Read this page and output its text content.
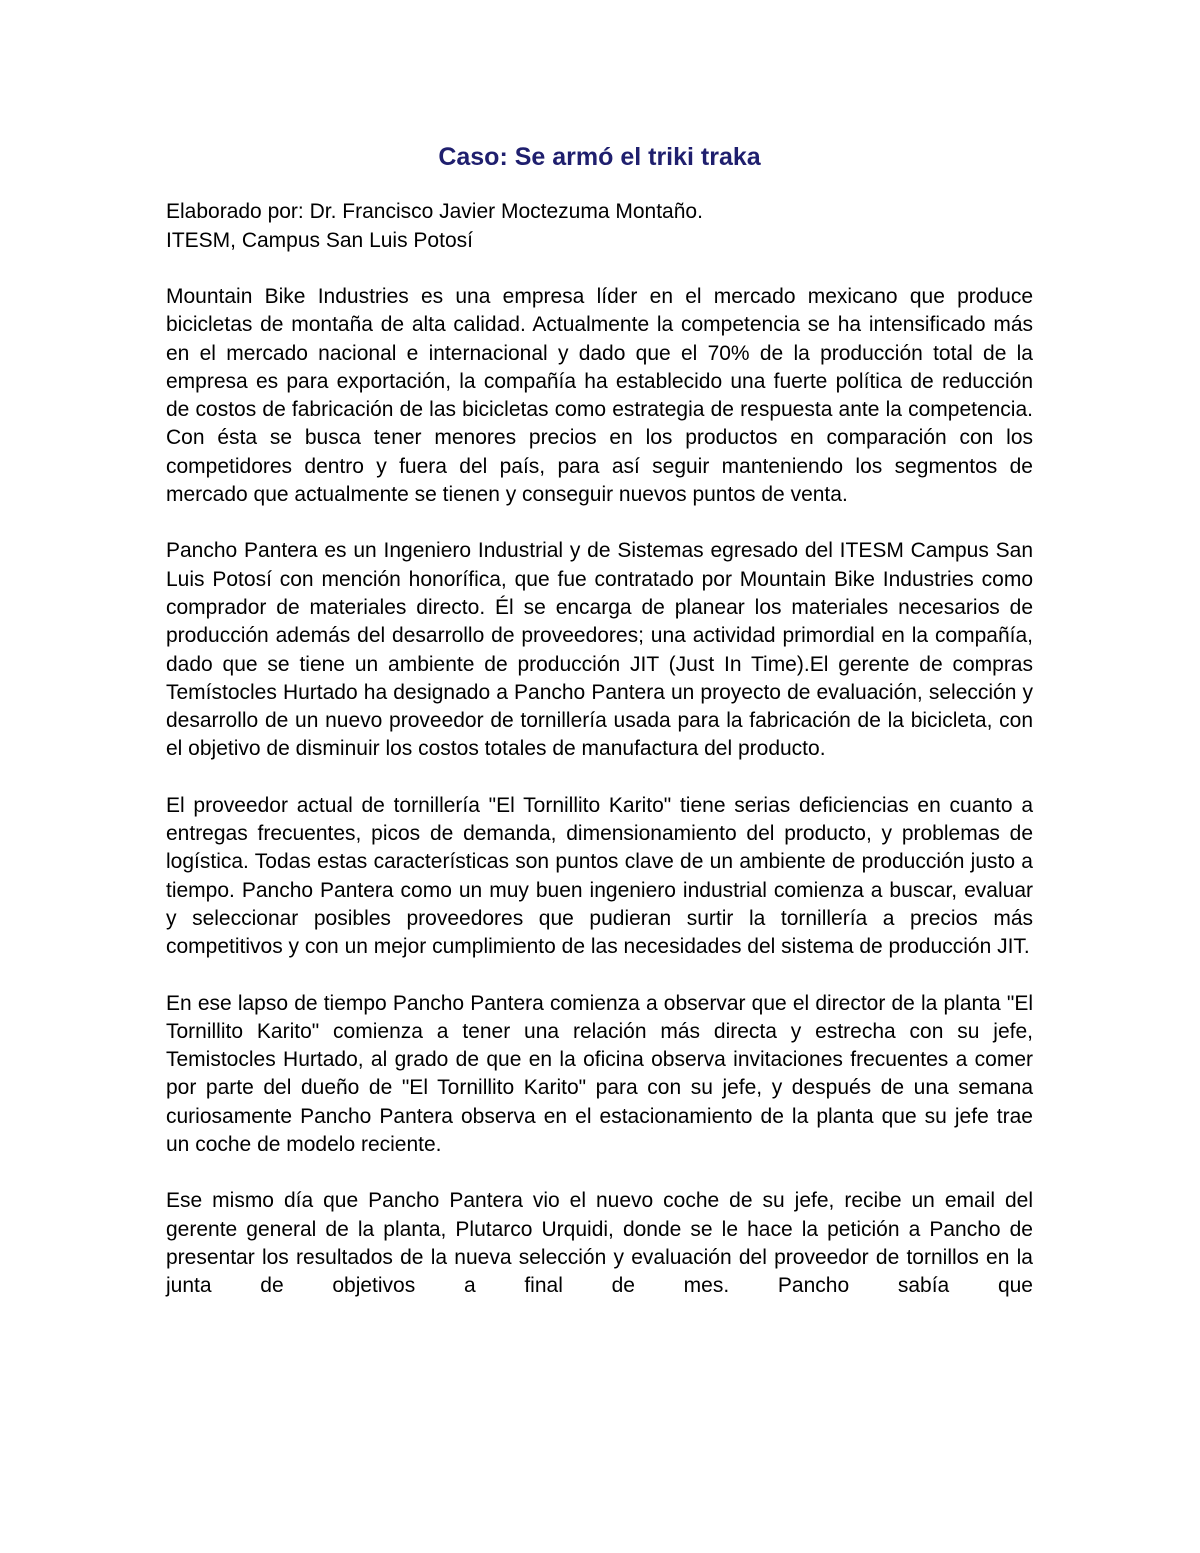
Caso: Se armó el triki traka

Elaborado por: Dr. Francisco Javier Moctezuma Montaño.

ITESM, Campus San Luis Potosí

Mountain Bike Industries es una empresa líder en el mercado mexicano que produce bicicletas de montaña de alta calidad. Actualmente la competencia se ha intensificado más en el mercado nacional e internacional y dado que el 70% de la producción total de la empresa es para exportación, la compañía ha establecido una fuerte política de reducción de costos de fabricación de las bicicletas como estrategia de respuesta ante la competencia. Con ésta se busca tener menores precios en los productos en comparación con los competidores dentro y fuera del país, para así seguir manteniendo los segmentos de mercado que actualmente se tienen y conseguir nuevos puntos de venta.

Pancho Pantera es un Ingeniero Industrial y de Sistemas egresado del ITESM Campus San Luis Potosí con mención honorífica, que fue contratado por Mountain Bike Industries como comprador de materiales directo. Él se encarga de planear los materiales necesarios de producción además del desarrollo de proveedores; una actividad primordial en la compañía, dado que se tiene un ambiente de producción JIT (Just In Time).El gerente de compras Temístocles Hurtado ha designado a Pancho Pantera un proyecto de evaluación, selección y desarrollo de un nuevo proveedor de tornillería usada para la fabricación de la bicicleta, con el objetivo de disminuir los costos totales de manufactura del producto.

El proveedor actual de tornillería "El Tornillito Karito" tiene serias deficiencias en cuanto a entregas frecuentes, picos de demanda, dimensionamiento del producto, y problemas de logística. Todas estas características son puntos clave de un ambiente de producción justo a tiempo. Pancho Pantera como un muy buen ingeniero industrial comienza a buscar, evaluar y seleccionar posibles proveedores que pudieran surtir la tornillería a precios más competitivos y con un mejor cumplimiento de las necesidades del sistema de producción JIT.

En ese lapso de tiempo Pancho Pantera comienza a observar que el director de la planta "El Tornillito Karito" comienza a tener una relación más directa y estrecha con su jefe, Temistocles Hurtado, al grado de que en la oficina observa invitaciones frecuentes a comer por parte del dueño de "El Tornillito Karito" para con su jefe, y después de una semana curiosamente Pancho Pantera observa en el estacionamiento de la planta que su jefe trae un coche de modelo reciente.

Ese mismo día que Pancho Pantera vio el nuevo coche de su jefe, recibe un email del gerente general de la planta, Plutarco Urquidi, donde se le hace la petición a Pancho de presentar los resultados de la nueva selección y evaluación del proveedor de tornillos en la junta de objetivos a final de mes. Pancho sabía que
